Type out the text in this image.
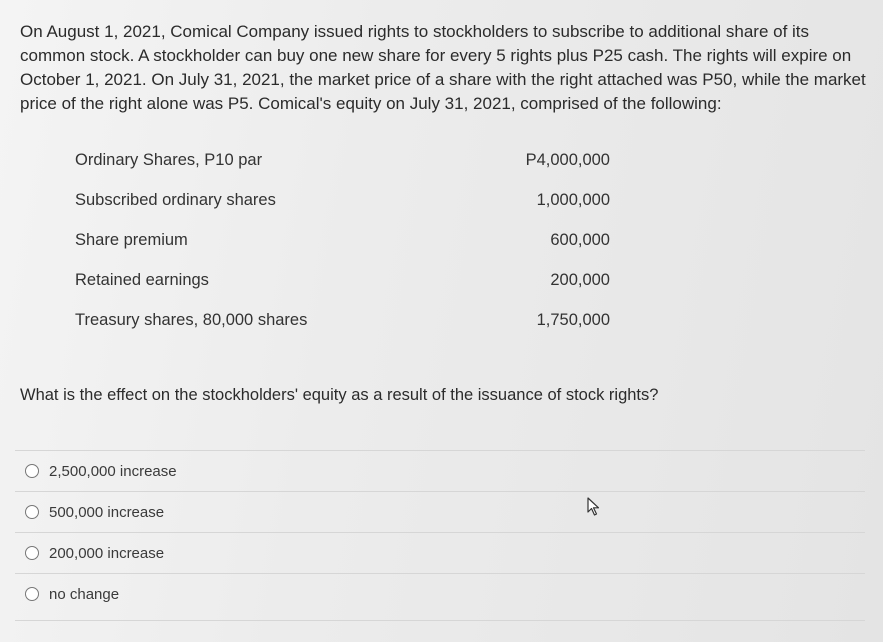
On August 1, 2021, Comical Company issued rights to stockholders to subscribe to additional share of its common stock. A stockholder can buy one new share for every 5 rights plus P25 cash. The rights will expire on October 1, 2021. On July 31, 2021, the market price of a share with the right attached was P50, while the market price of the right alone was P5. Comical's equity on July 31, 2021, comprised of the following:

Ordinary Shares, P10 par	P4,000,000
Subscribed ordinary shares	1,000,000
Share premium	600,000
Retained earnings	200,000
Treasury shares, 80,000 shares	1,750,000

What is the effect on the stockholders' equity as a result of the issuance of stock rights?

2,500,000 increase
500,000 increase
200,000 increase
no change
